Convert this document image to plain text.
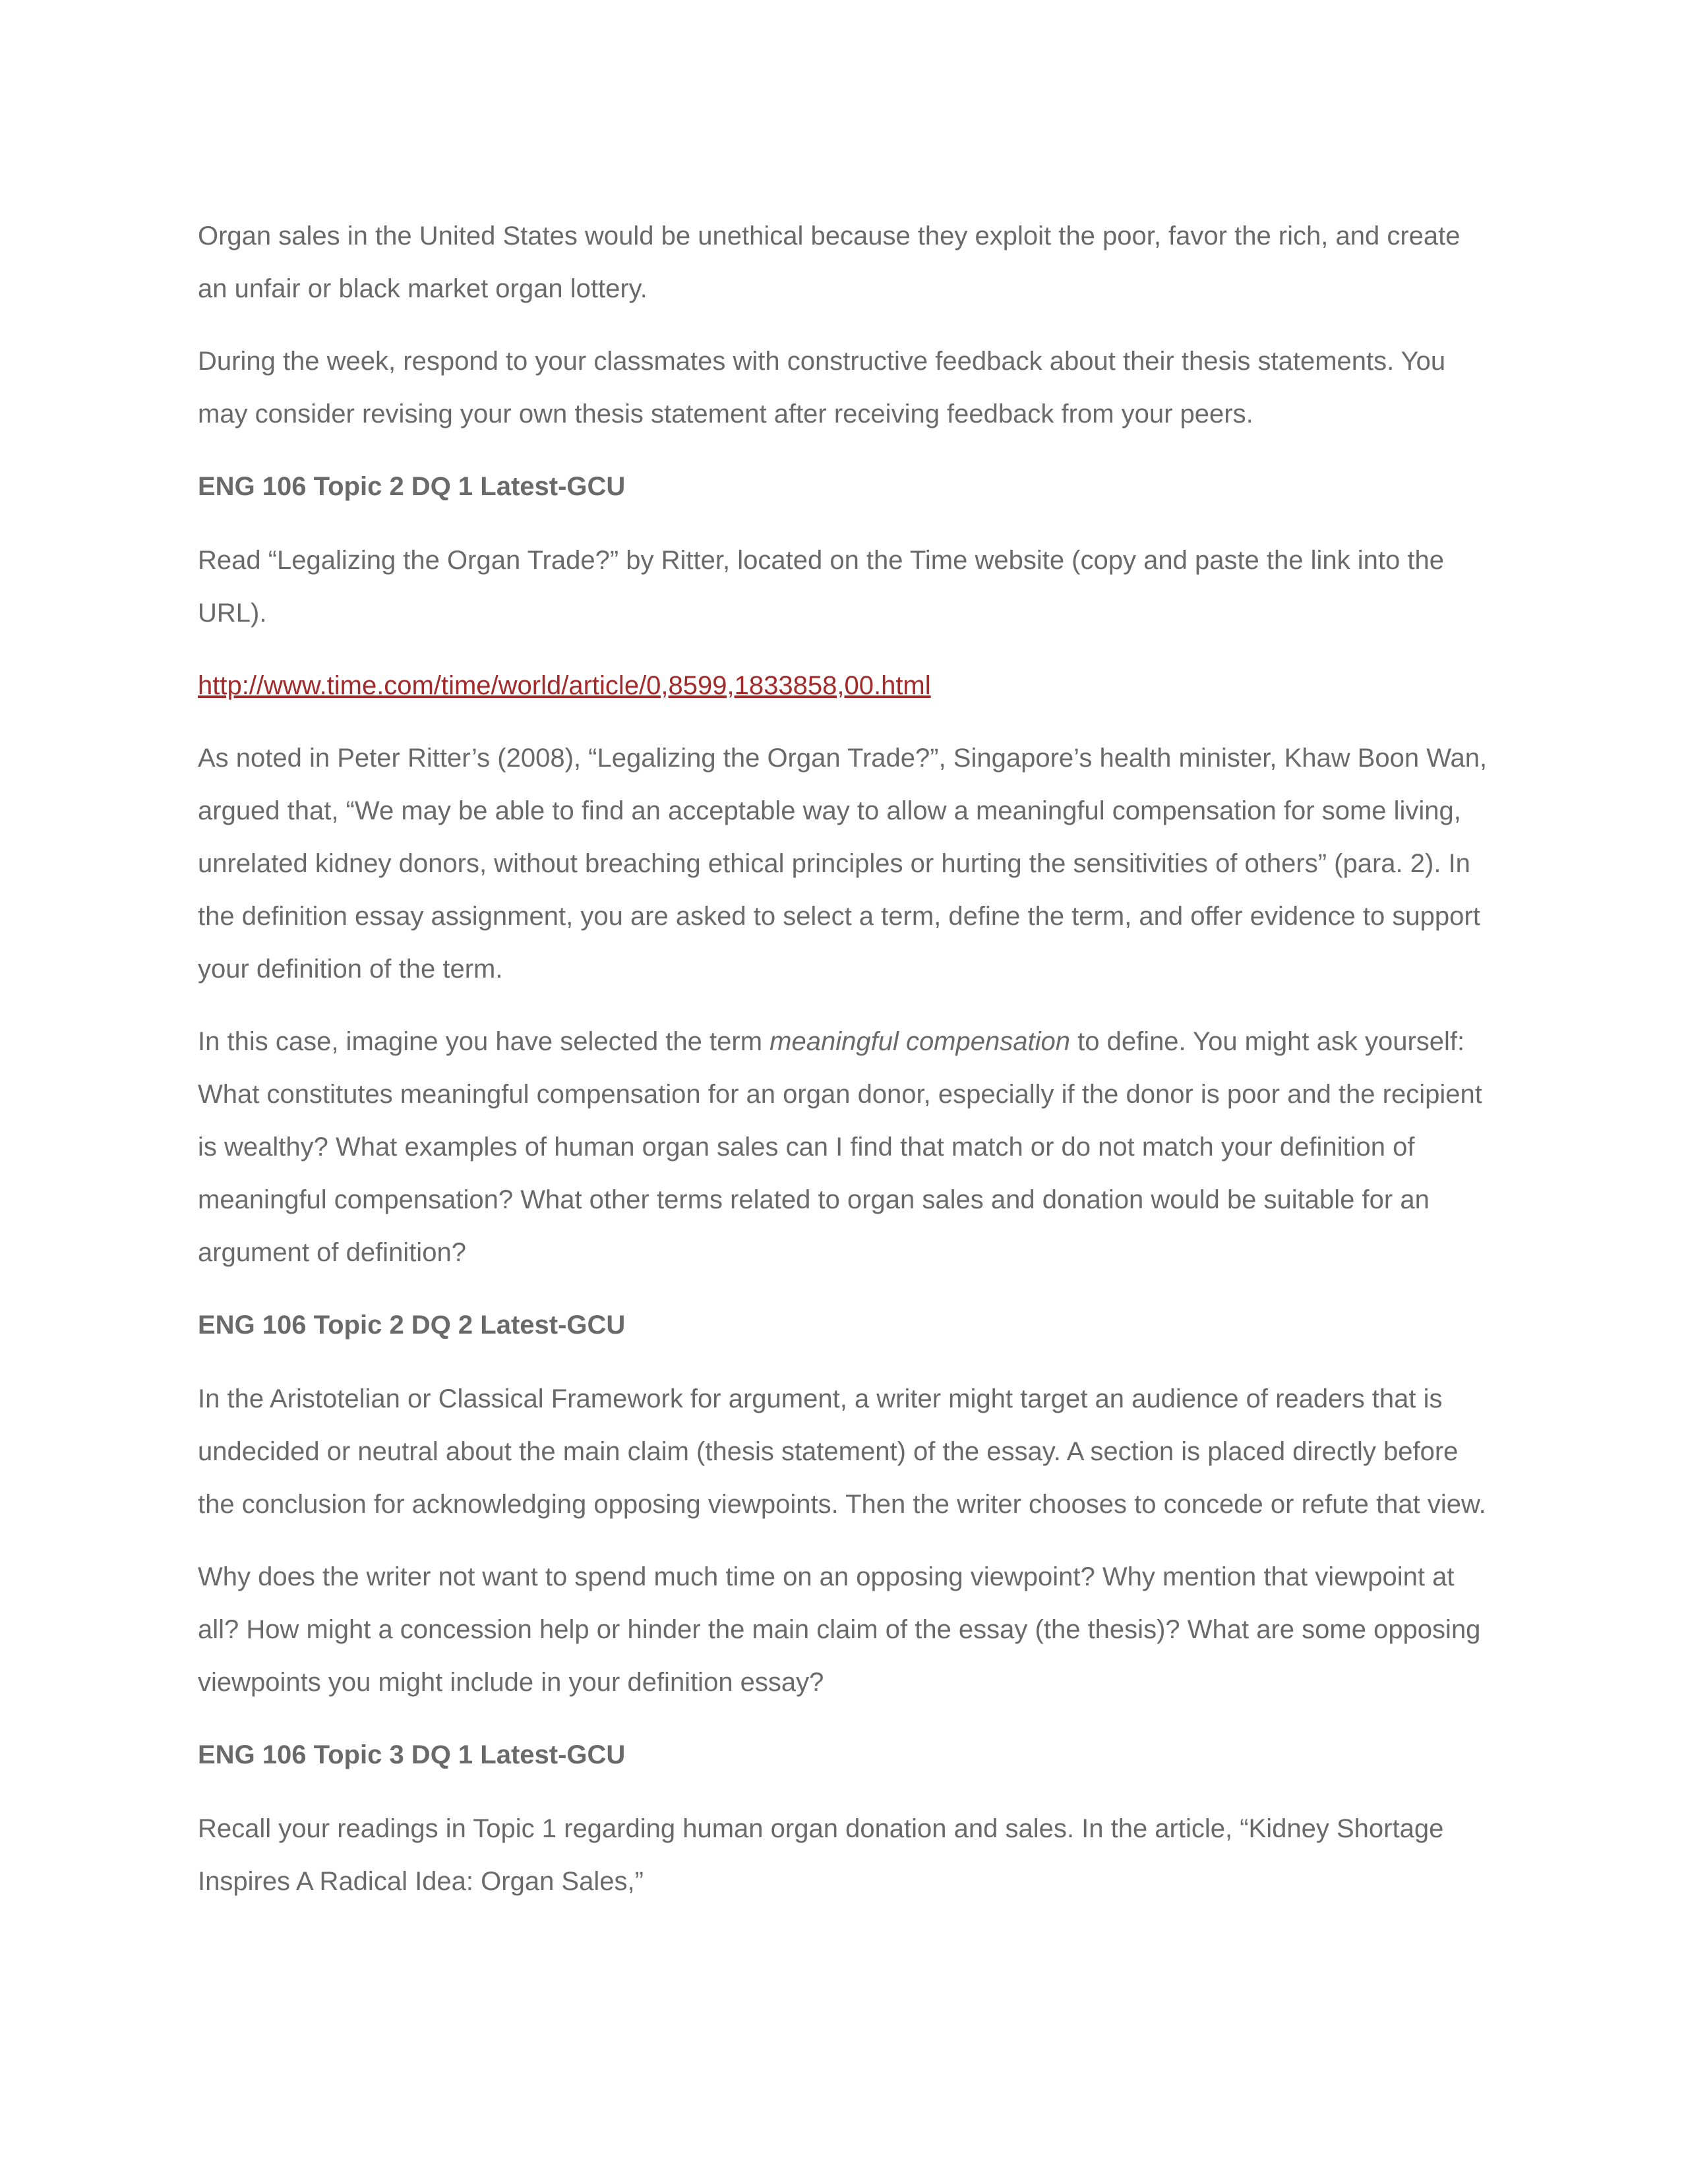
Organ sales in the United States would be unethical because they exploit the poor, favor the rich, and create an unfair or black market organ lottery.

During the week, respond to your classmates with constructive feedback about their thesis statements. You may consider revising your own thesis statement after receiving feedback from your peers.

ENG 106 Topic 2 DQ 1 Latest-GCU

Read “Legalizing the Organ Trade?” by Ritter, located on the Time website (copy and paste the link into the URL).

http://www.time.com/time/world/article/0,8599,1833858,00.html

As noted in Peter Ritter’s (2008), “Legalizing the Organ Trade?”, Singapore’s health minister, Khaw Boon Wan, argued that, “We may be able to find an acceptable way to allow a meaningful compensation for some living, unrelated kidney donors, without breaching ethical principles or hurting the sensitivities of others” (para. 2). In the definition essay assignment, you are asked to select a term, define the term, and offer evidence to support your definition of the term.

In this case, imagine you have selected the term meaningful compensation to define. You might ask yourself: What constitutes meaningful compensation for an organ donor, especially if the donor is poor and the recipient is wealthy? What examples of human organ sales can I find that match or do not match your definition of meaningful compensation? What other terms related to organ sales and donation would be suitable for an argument of definition?

ENG 106 Topic 2 DQ 2 Latest-GCU

In the Aristotelian or Classical Framework for argument, a writer might target an audience of readers that is undecided or neutral about the main claim (thesis statement) of the essay. A section is placed directly before the conclusion for acknowledging opposing viewpoints. Then the writer chooses to concede or refute that view.

Why does the writer not want to spend much time on an opposing viewpoint? Why mention that viewpoint at all? How might a concession help or hinder the main claim of the essay (the thesis)? What are some opposing viewpoints you might include in your definition essay?

ENG 106 Topic 3 DQ 1 Latest-GCU

Recall your readings in Topic 1 regarding human organ donation and sales. In the article, “Kidney Shortage Inspires A Radical Idea: Organ Sales,”
